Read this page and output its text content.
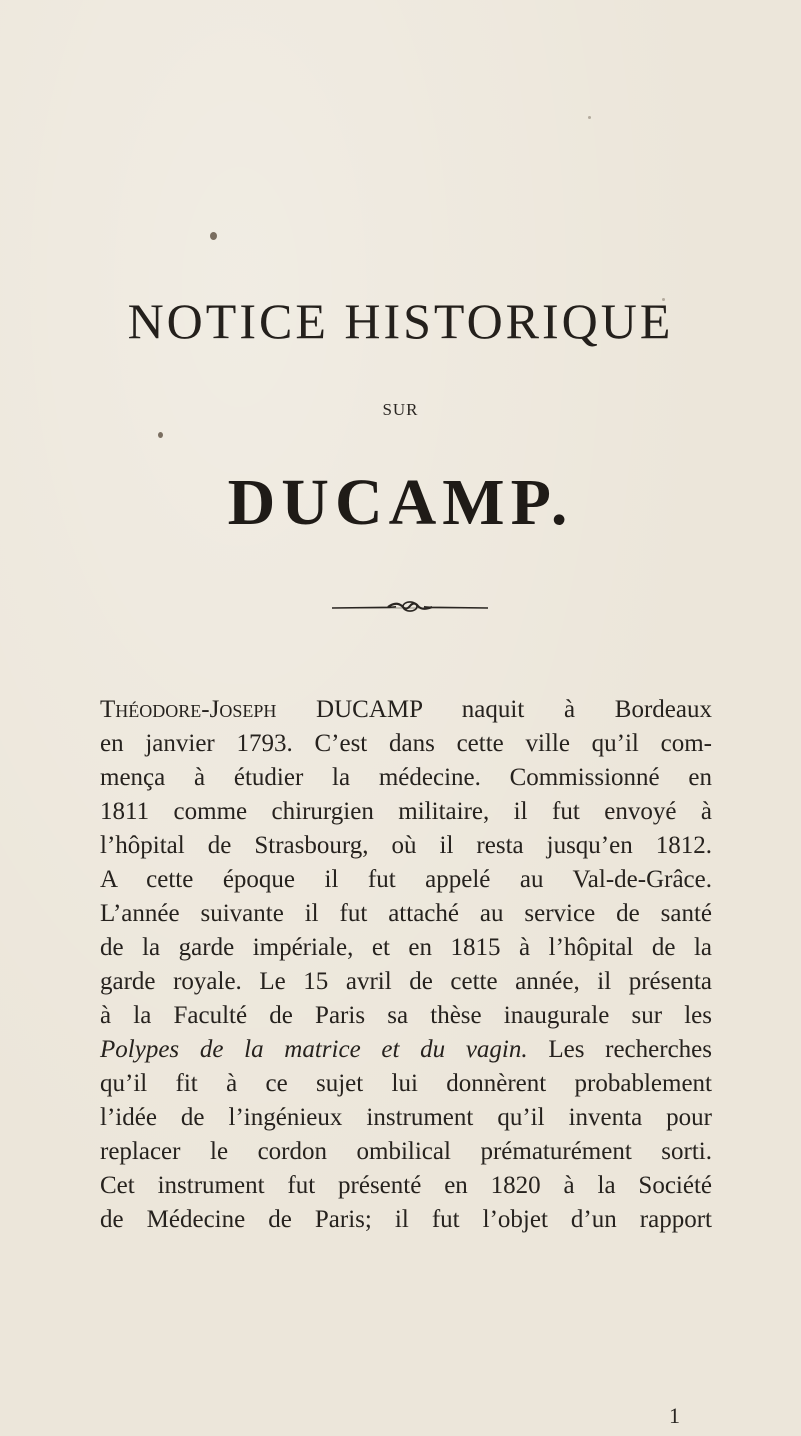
NOTICE HISTORIQUE
SUR
DUCAMP.
Théodore-Joseph DUCAMP naquit à Bordeaux
en janvier 1793. C’est dans cette ville qu’il com-
mença à étudier la médecine. Commissionné en
1811 comme chirurgien militaire, il fut envoyé à
l’hôpital de Strasbourg, où il resta jusqu’en 1812.
A cette époque il fut appelé au Val-de-Grâce.
L’année suivante il fut attaché au service de santé
de la garde impériale, et en 1815 à l’hôpital de la
garde royale. Le 15 avril de cette année, il présenta
à la Faculté de Paris sa thèse inaugurale sur les
Polypes de la matrice et du vagin. Les recherches
qu’il fit à ce sujet lui donnèrent probablement
l’idée de l’ingénieux instrument qu’il inventa pour
replacer le cordon ombilical prématurément sorti.
Cet instrument fut présenté en 1820 à la Société
de Médecine de Paris; il fut l’objet d’un rapport
1
